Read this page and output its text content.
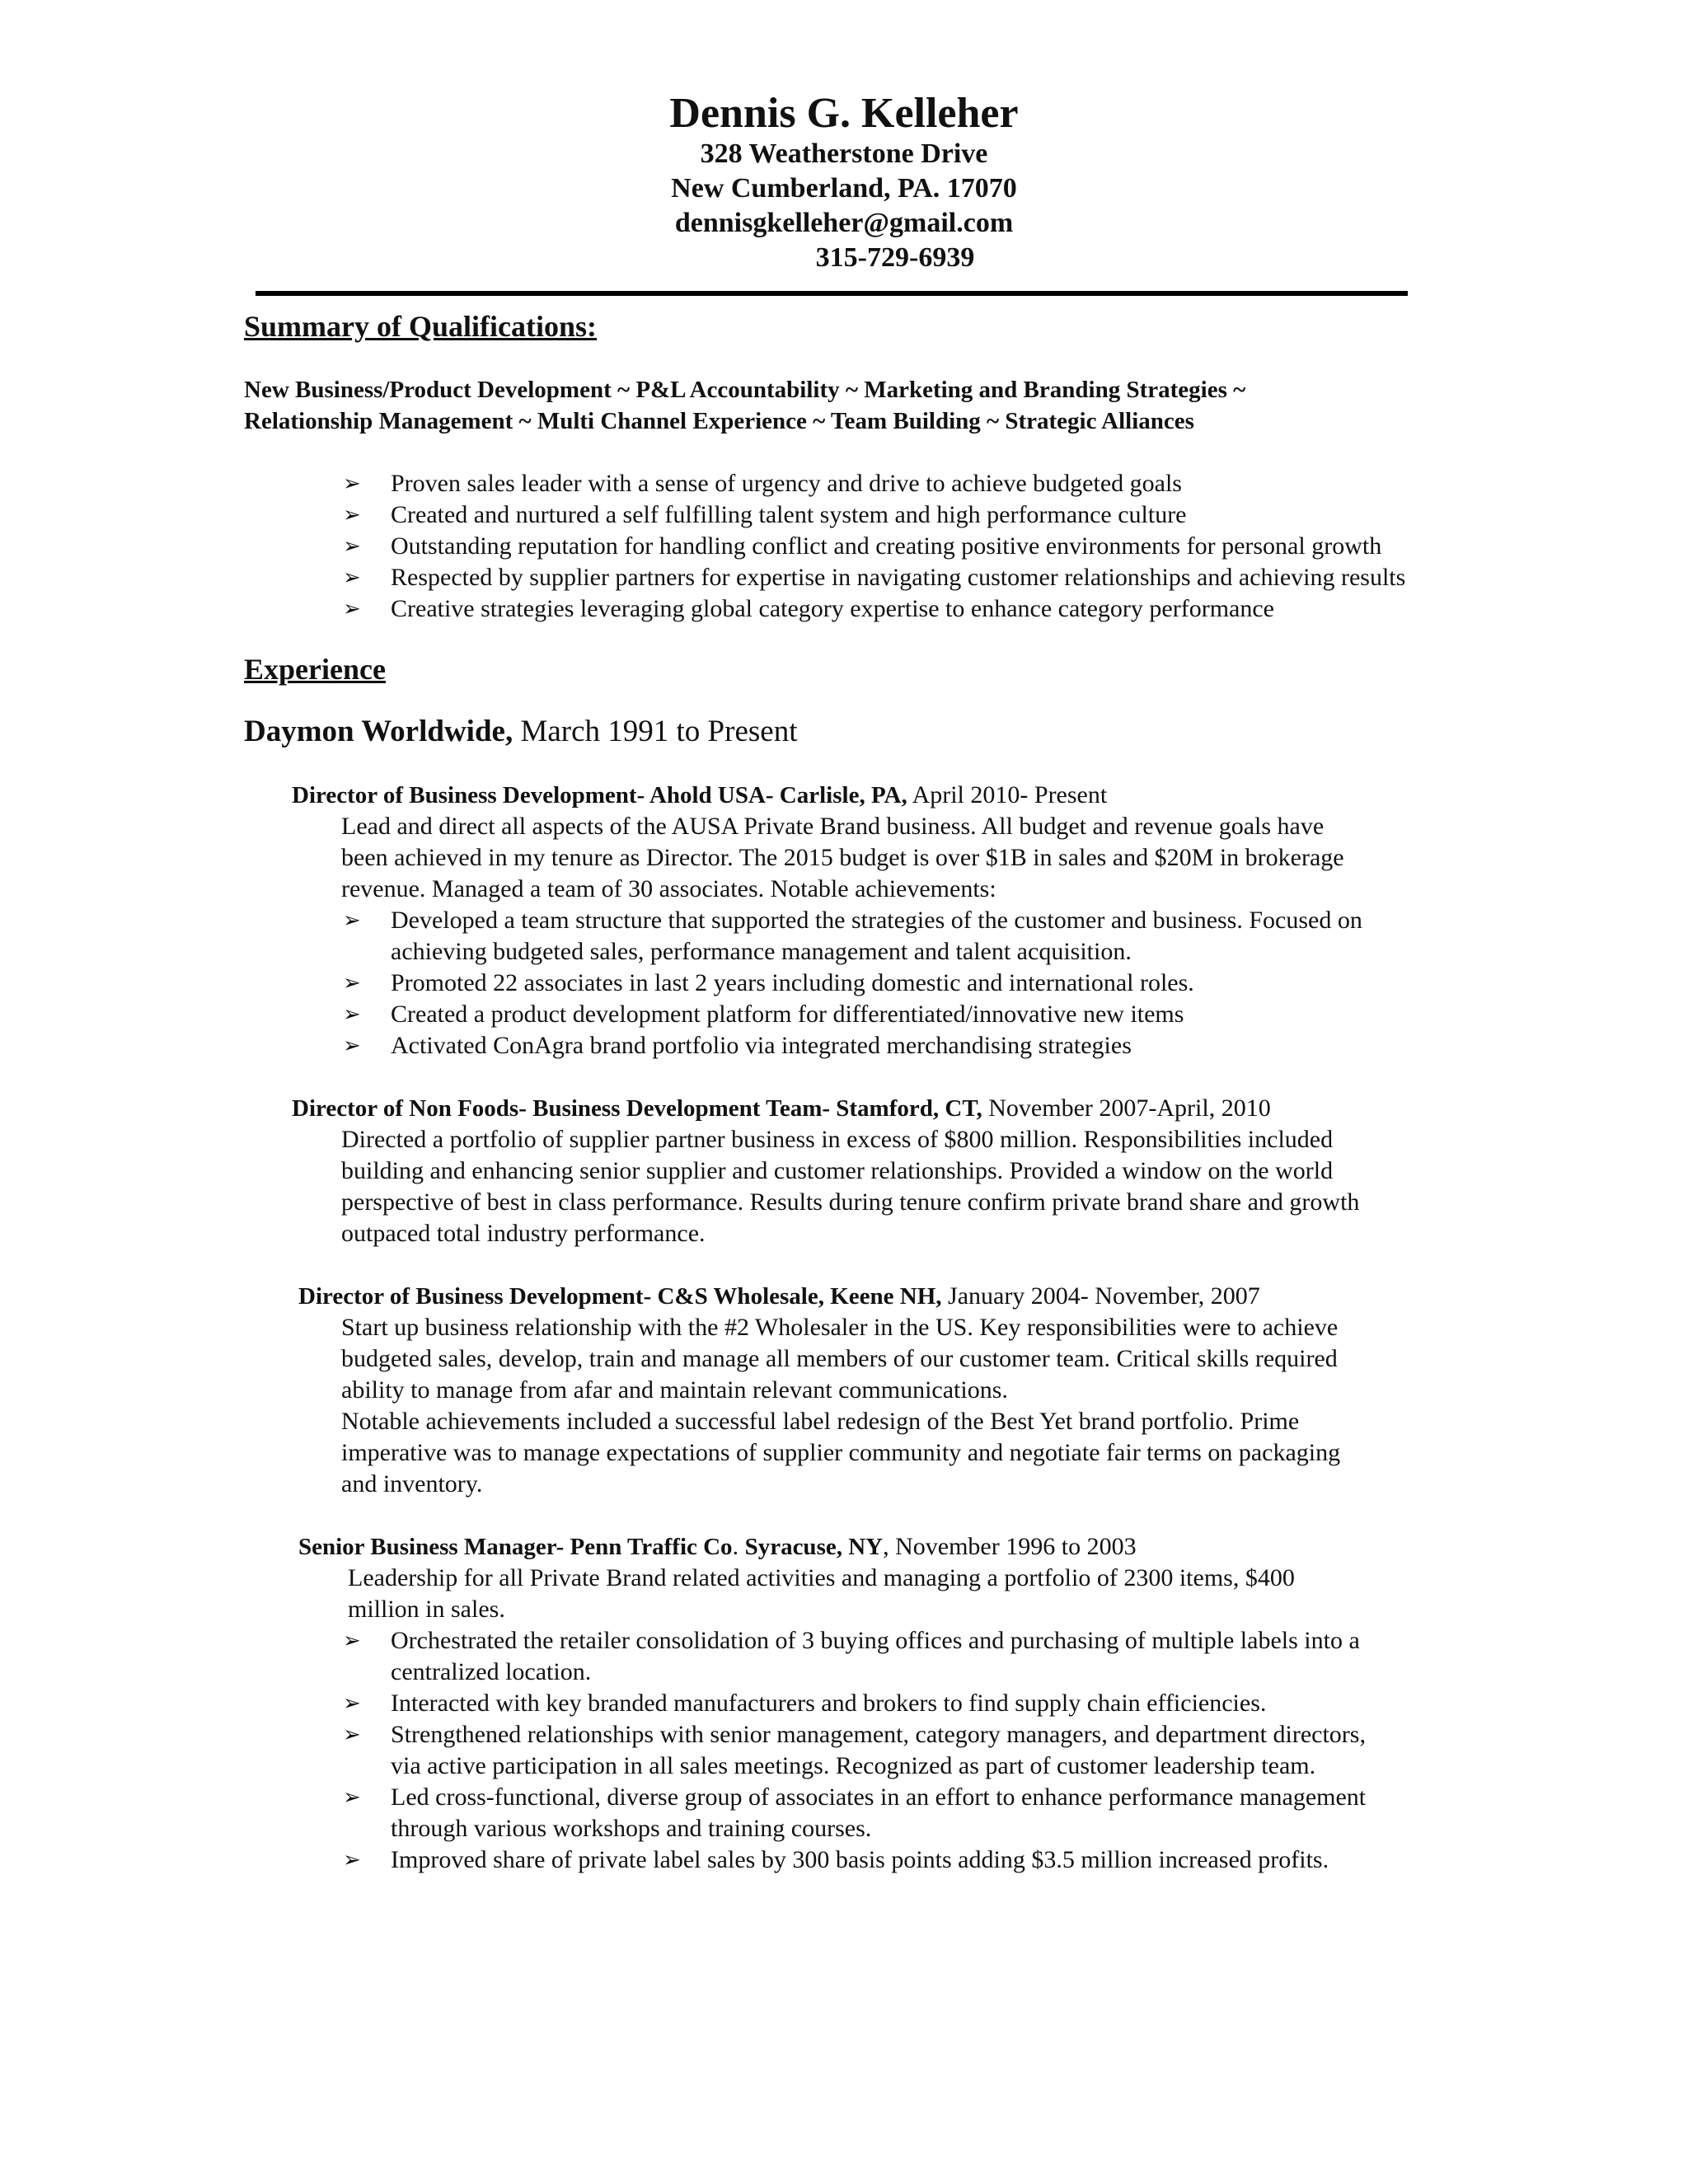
Dennis G. Kelleher
328 Weatherstone Drive
New Cumberland, PA. 17070
dennisgkelleher@gmail.com
315-729-6939
Summary of Qualifications:
New Business/Product Development ~ P&L Accountability ~ Marketing and Branding Strategies ~
Relationship Management ~ Multi Channel Experience ~ Team Building ~ Strategic Alliances
➢ Proven sales leader with a sense of urgency and drive to achieve budgeted goals
➢ Created and nurtured a self fulfilling talent system and high performance culture
➢ Outstanding reputation for handling conflict and creating positive environments for personal growth
➢ Respected by supplier partners for expertise in navigating customer relationships and achieving results
➢ Creative strategies leveraging global category expertise to enhance category performance
Experience
Daymon Worldwide, March 1991 to Present
Director of Business Development- Ahold USA- Carlisle, PA, April 2010- Present
Lead and direct all aspects of the AUSA Private Brand business. All budget and revenue goals have
been achieved in my tenure as Director. The 2015 budget is over $1B in sales and $20M in brokerage
revenue. Managed a team of 30 associates. Notable achievements:
➢ Developed a team structure that supported the strategies of the customer and business. Focused on
achieving budgeted sales, performance management and talent acquisition.
➢ Promoted 22 associates in last 2 years including domestic and international roles.
➢ Created a product development platform for differentiated/innovative new items
➢ Activated ConAgra brand portfolio via integrated merchandising strategies
Director of Non Foods- Business Development Team- Stamford, CT, November 2007-April, 2010
Directed a portfolio of supplier partner business in excess of $800 million. Responsibilities included
building and enhancing senior supplier and customer relationships. Provided a window on the world
perspective of best in class performance. Results during tenure confirm private brand share and growth
outpaced total industry performance.
Director of Business Development- C&S Wholesale, Keene NH, January 2004- November, 2007
Start up business relationship with the #2 Wholesaler in the US. Key responsibilities were to achieve
budgeted sales, develop, train and manage all members of our customer team. Critical skills required
ability to manage from afar and maintain relevant communications.
Notable achievements included a successful label redesign of the Best Yet brand portfolio. Prime
imperative was to manage expectations of supplier community and negotiate fair terms on packaging
and inventory.
Senior Business Manager- Penn Traffic Co. Syracuse, NY, November 1996 to 2003
Leadership for all Private Brand related activities and managing a portfolio of 2300 items, $400
million in sales.
➢ Orchestrated the retailer consolidation of 3 buying offices and purchasing of multiple labels into a
centralized location.
➢ Interacted with key branded manufacturers and brokers to find supply chain efficiencies.
➢ Strengthened relationships with senior management, category managers, and department directors,
via active participation in all sales meetings. Recognized as part of customer leadership team.
➢ Led cross-functional, diverse group of associates in an effort to enhance performance management
through various workshops and training courses.
➢ Improved share of private label sales by 300 basis points adding $3.5 million increased profits.
